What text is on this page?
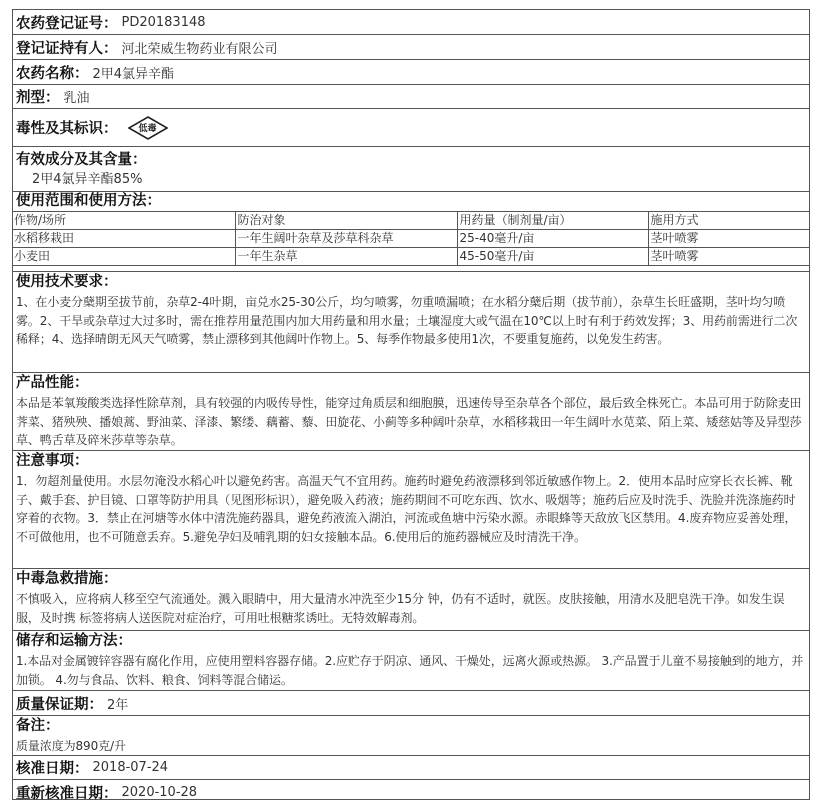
农药登记证号： PD20183148
登记证持有人： 河北荣威生物药业有限公司
农药名称： 2甲4氯异辛酯
剂型： 乳油
毒性及其标识：	低毒
有效成分及其含量：
2甲4氯异辛酯85%
使用范围和使用方法：
作物/场所	防治对象	用药量（制剂量/亩）	施用方式
水稻移栽田	一年生阔叶杂草及莎草科杂草	25-40毫升/亩	茎叶喷雾
小麦田	一年生杂草	45-50毫升/亩	茎叶喷雾
使用技术要求：
1、在小麦分蘖期至拔节前，杂草2-4叶期，亩兑水25-30公斤，均匀喷雾，勿重喷漏喷；在水稻分蘖后期（拔节前），杂草生长旺盛期，茎叶均匀喷雾。2、干旱或杂草过大过多时，需在推荐用量范围内加大用药量和用水量；土壤湿度大或气温在10℃以上时有利于药效发挥；3、用药前需进行二次稀释；4、选择晴朗无风天气喷雾，禁止漂移到其他阔叶作物上。5、每季作物最多使用1次，不要重复施药，以免发生药害。
产品性能：
本品是苯氧羧酸类选择性除草剂，具有较强的内吸传导性，能穿过角质层和细胞膜，迅速传导至杂草各个部位，最后致全株死亡。本品可用于防除麦田荠菜、猪殃殃、播娘蒿、野油菜、泽漆、繁缕、藕蓄、藜、田旋花、小蓟等多种阔叶杂草，水稻移栽田一年生阔叶水苋菜、陌上菜、矮慈姑等及异型莎草、鸭舌草及碎米莎草等杂草。
注意事项：
1．勿超剂量使用。水层勿淹没水稻心叶以避免药害。高温天气不宜用药。施药时避免药液漂移到邻近敏感作物上。2．使用本品时应穿长衣长裤、靴子、戴手套、护目镜、口罩等防护用具（见图形标识），避免吸入药液；施药期间不可吃东西、饮水、吸烟等；施药后应及时洗手、洗脸并洗涤施药时穿着的衣物。3．禁止在河塘等水体中清洗施药器具，避免药液流入湖泊，河流或鱼塘中污染水源。赤眼蜂等天敌放飞区禁用。4.废弃物应妥善处理，不可做他用，也不可随意丢弃。5.避免孕妇及哺乳期的妇女接触本品。6.使用后的施药器械应及时清洗干净。
中毒急救措施：
不慎吸入，应将病人移至空气流通处。溅入眼睛中，用大量清水冲洗至少15分 钟，仍有不适时，就医。皮肤接触，用清水及肥皂洗干净。如发生误服，及时携 标签将病人送医院对症治疗，可用吐根糖浆诱吐。无特效解毒剂。
储存和运输方法：
1.本品对金属镀锌容器有腐化作用，应使用塑料容器存储。2.应贮存于阴凉、通风、干燥处，远离火源或热源。 3.产品置于儿童不易接触到的地方，并加锁。 4.勿与食品、饮料、粮食、饲料等混合储运。
质量保证期： 2年
备注：
质量浓度为890克/升
核准日期： 2018-07-24
重新核准日期： 2020-10-28
